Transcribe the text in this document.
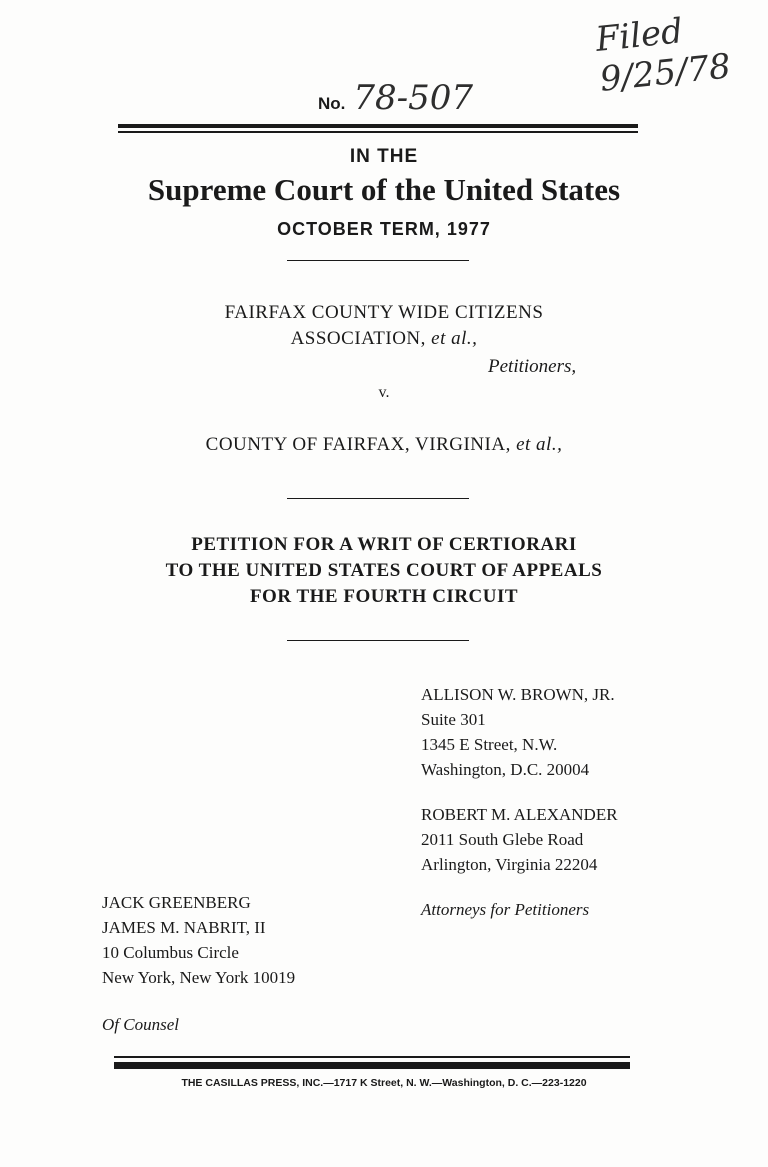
Filed 9/25/78
No. 78-507
IN THE
Supreme Court of the United States
OCTOBER TERM, 1977
FAIRFAX COUNTY WIDE CITIZENS
ASSOCIATION, et al.,
Petitioners,
v.
COUNTY OF FAIRFAX, VIRGINIA, et al.,
PETITION FOR A WRIT OF CERTIORARI
TO THE UNITED STATES COURT OF APPEALS
FOR THE FOURTH CIRCUIT
ALLISON W. BROWN, JR.
Suite 301
1345 E Street, N.W.
Washington, D.C. 20004
ROBERT M. ALEXANDER
2011 South Glebe Road
Arlington, Virginia 22204
Attorneys for Petitioners
JACK GREENBERG
JAMES M. NABRIT, II
10 Columbus Circle
New York, New York 10019
Of Counsel
THE CASILLAS PRESS, INC.—1717 K Street, N. W.—Washington, D. C.—223-1220
